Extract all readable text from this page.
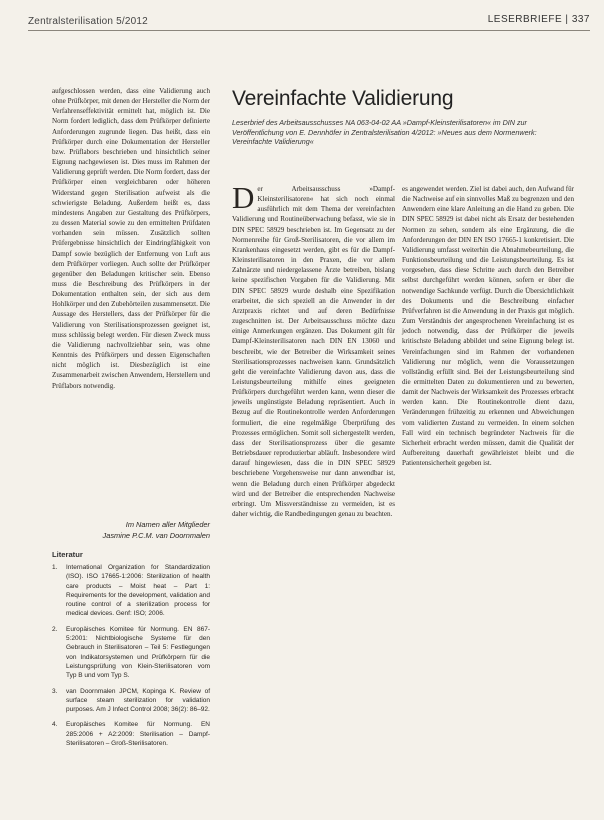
Zentralsterilisation 5/2012	LESERBRIEFE | 337

aufgeschlossen werden, dass eine Validierung auch ohne Prüfkörper, mit denen der Hersteller die Norm der Verfahrenseffektivität ermittelt hat, möglich ist. Die Norm fordert lediglich, dass dem Prüfkörper definierte Anforderungen zugrunde liegen. Das heißt, dass ein Prüfkörper durch eine Dokumentation der Hersteller bzw. Prüflabors beschrieben und hinsichtlich seiner Eignung nachgewiesen ist. Dies muss im Rahmen der Validierung geprüft werden. Die Norm fordert, dass der Prüfkörper einen vergleichbaren oder höheren Widerstand gegen Sterilisation aufweist als die schwierigste Beladung. Außerdem heißt es, dass mindestens Angaben zur Gestaltung des Prüfkörpers, zu dessen Material sowie zu den ermittelten Prüfdaten vorhanden sein müssen. Zusätzlich sollten Prüfergebnisse hinsichtlich der Eindringfähigkeit von Dampf sowie bezüglich der Entfernung von Luft aus dem Prüfkörper vorliegen. Auch sollte der Prüfkörper gegenüber den Beladungen kritischer sein. Ebenso muss die Beschreibung des Prüfkörpers in der Dokumentation enthalten sein, der sich aus dem Hohlkörper und den Zubehörteilen zusammensetzt. Die Aussage des Herstellers, dass der Prüfkörper für die Validierung von Sterilisationsprozessen geeignet ist, muss schlüssig belegt werden. Für diesen Zweck muss die Validierung nachvollziehbar sein, was ohne Kenntnis des Prüfkörpers und dessen Eigenschaften nicht möglich ist. Diesbezüglich ist eine Zusammenarbeit zwischen Anwendern, Herstellern und Prüflabors notwendig.

Im Namen aller Mitglieder
Jasmine P.C.M. van Doornmalen
Literatur
1.	International Organization for Standardization (ISO). ISO 17665-1:2006: Sterilization of health care products – Moist heat – Part 1: Requirements for the development, validation and routine control of a sterilization process for medical devices. Genf: ISO; 2006.
2.	Europäisches Komitee für Normung. EN 867-5:2001: Nichtbiologische Systeme für den Gebrauch in Sterilisatoren – Teil 5: Festlegungen von Indikatorsystemen und Prüfkörpern für die Leistungsprüfung von Klein-Sterilisatoren vom Typ B und vom Typ S.
3.	van Doornmalen JPCM, Kopinga K. Review of surface steam sterilization for validation purposes. Am J Infect Control 2008; 36(2): 86–92.
4.	Europäisches Komitee für Normung. EN 285:2006 + A2:2009: Sterilisation – Dampf-Sterilisatoren – Groß-Sterilisatoren.
Vereinfachte Validierung
Leserbrief des Arbeitsausschusses NA 063-04-02 AA »Dampf-Kleinsterilisatoren« im DIN zur Veröffentlichung von E. Dennhöfer in Zentralsterilisation 4/2012: »Neues aus dem Normenwerk: Vereinfachte Validierung«

Der Arbeitsausschuss »Dampf-Kleinsterilisatoren« hat sich noch einmal ausführlich mit dem Thema der vereinfachten Validierung und Routineüberwachung befasst, wie sie in DIN SPEC 58929 beschrieben ist. Im Gegensatz zu der Normenreihe für Groß-Sterilisatoren, die vor allem im Krankenhaus eingesetzt werden, gibt es für die Dampf-Kleinsterilisatoren in den Praxen, die vor allem Zahnärzte und niedergelassene Ärzte betreiben, bislang keine spezifischen Vorgaben für die Validierung. Mit DIN SPEC 58929 wurde deshalb eine Spezifikation erarbeitet, die sich speziell an die Anwender in der Arztpraxis richtet und auf deren Bedürfnisse zugeschnitten ist. Der Arbeitsausschuss möchte dazu einige Anmerkungen ergänzen. Das Dokument gilt für Dampf-Kleinsterilisatoren nach DIN EN 13060 und beschreibt, wie der Betreiber die Wirksamkeit seines Sterilisationsprozesses nachweisen kann. Grundsätzlich geht die vereinfachte Validierung davon aus, dass die Leistungsbeurteilung mithilfe eines geeigneten Prüfkörpers durchgeführt werden kann, wenn dieser die jeweils ungünstigste Beladung repräsentiert. Auch in Bezug auf die Routinekontrolle werden Anforderungen formuliert, die eine regelmäßige Überprüfung des Prozesses ermöglichen. Somit soll sichergestellt werden, dass der Sterilisationsprozess über die gesamte Betriebsdauer reproduzierbar abläuft. Insbesondere wird darauf hingewiesen, dass die in DIN SPEC 58929 beschriebene Vorgehensweise nur dann anwendbar ist, wenn die Beladung durch einen Prüfkörper abgedeckt wird und der Betreiber die entsprechenden Nachweise erbringt. Um Missverständnisse zu vermeiden, ist es daher wichtig, die Randbedingungen genau zu beachten.

es angewendet werden. Ziel ist dabei auch, den Aufwand für die Nachweise auf ein sinnvolles Maß zu begrenzen und den Anwendern eine klare Anleitung an die Hand zu geben. Die DIN SPEC 58929 ist dabei nicht als Ersatz der bestehenden Normen zu sehen, sondern als eine Ergänzung, die die Anforderungen der DIN EN ISO 17665-1 konkretisiert. Die Validierung umfasst weiterhin die Abnahmebeurteilung, die Funktionsbeurteilung und die Leistungsbeurteilung. Es ist vorgesehen, dass diese Schritte auch durch den Betreiber selbst durchgeführt werden können, sofern er über die notwendige Sachkunde verfügt. Durch die Übersichtlichkeit des Dokuments und die Beschreibung einfacher Prüfverfahren ist die Anwendung in der Praxis gut möglich. Zum Verständnis der angesprochenen Vereinfachung ist es jedoch notwendig, dass der Prüfkörper die jeweils kritischste Beladung abbildet und seine Eignung belegt ist. Vereinfachungen sind im Rahmen der vorhandenen Validierung nur möglich, wenn die Voraussetzungen vollständig erfüllt sind. Bei der Leistungsbeurteilung sind die ermittelten Daten zu dokumentieren und zu bewerten, damit der Nachweis der Wirksamkeit des Prozesses erbracht werden kann. Die Routinekontrolle dient dazu, Veränderungen frühzeitig zu erkennen und Abweichungen vom validierten Zustand zu vermeiden. In einem solchen Fall wird ein technisch begründeter Nachweis für die Sicherheit erbracht werden müssen, damit die Qualität der Aufbereitung dauerhaft gewährleistet bleibt und die Patientensicherheit gegeben ist.
